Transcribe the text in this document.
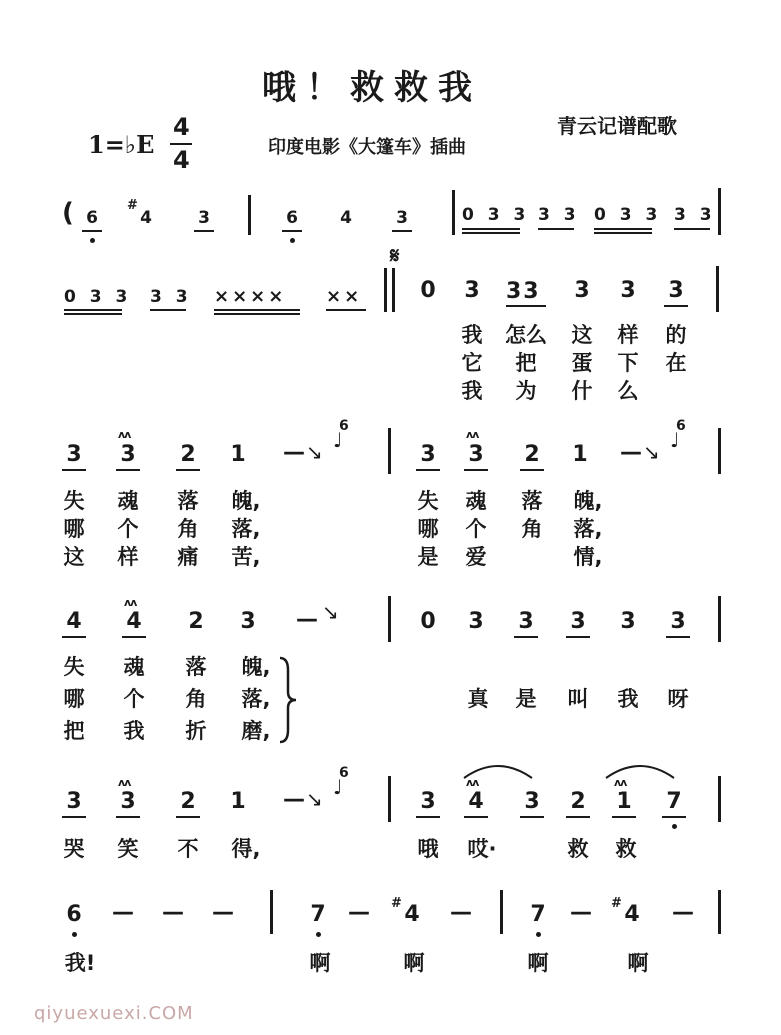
哦！救救我
1=♭E
4
4	印度电影《大篷车》插曲
青云记谱配歌
( 6
#
4	3	6	4	3	0 3 3 3 3 0 3 3 3 3
0 3 3 3 3 ×××× ××
𝄋
0 3 33 3 3 3
我	怎么	这 样 的
它 把 蛋 下 在
我 为 什 么
3
ʌʌ
3 2 1 — ↘
6
♩
3
ʌʌ
3 2 1 — ↘
6
♩
失 魂 落 魄,
哪 个 角 落,
这 样 痛 苦,
失 魂 落 魄,
哪 个 角 落,
是 爱	情,
4
ʌʌ
4 2 3 — ↘	0 3 3 3 3 3
失 魂 落 魄,
哪 个 角 落,
把 我 折 磨,
真 是 叫 我 呀
3
ʌʌ
3 2 1 — ↘
6
♩
3
ʌʌ
4 3 2
ʌʌ
1 7
哭 笑 不 得,	哦 哎·	救 救
6 — — —	7 — # 4 —	7 — # 4 —
我!	啊	啊	啊	啊
qiyuexuexi.COM
